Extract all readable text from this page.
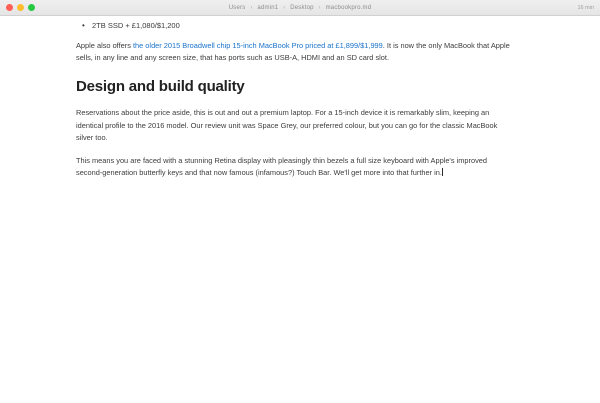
Users › admin1 › Desktop › macbookpro.md	16 min
• 2TB SSD + £1,080/$1,200

Apple also offers the older 2015 Broadwell chip 15-inch MacBook Pro priced at £1,899/$1,999. It is now the only MacBook that Apple sells, in any line and any screen size, that has ports such as USB-A, HDMI and an SD card slot.

Design and build quality

Reservations about the price aside, this is out and out a premium laptop. For a 15-inch device it is remarkably slim, keeping an identical profile to the 2016 model. Our review unit was Space Grey, our preferred colour, but you can go for the classic MacBook silver too.

This means you are faced with a stunning Retina display with pleasingly thin bezels a full size keyboard with Apple's improved second-generation butterfly keys and that now famous (infamous?) Touch Bar. We'll get more into that further in.
